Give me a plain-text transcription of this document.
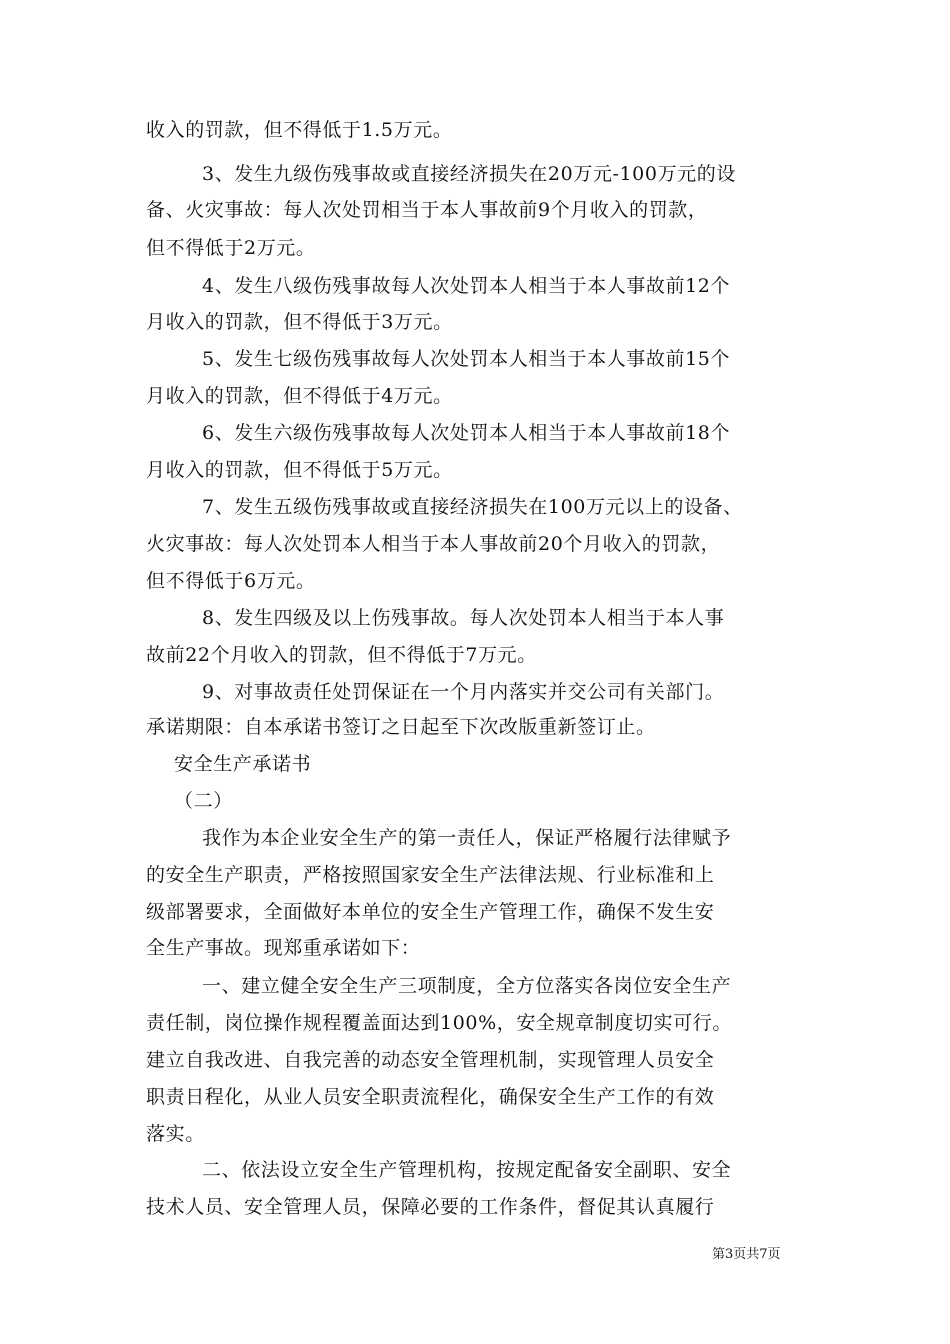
收入的罚款，但不得低于1.5万元。
3、发生九级伤残事故或直接经济损失在20万元-100万元的设
备、火灾事故：每人次处罚相当于本人事故前9个月收入的罚款，
但不得低于2万元。
4、发生八级伤残事故每人次处罚本人相当于本人事故前12个
月收入的罚款，但不得低于3万元。
5、发生七级伤残事故每人次处罚本人相当于本人事故前15个
月收入的罚款，但不得低于4万元。
6、发生六级伤残事故每人次处罚本人相当于本人事故前18个
月收入的罚款，但不得低于5万元。
7、发生五级伤残事故或直接经济损失在100万元以上的设备、
火灾事故：每人次处罚本人相当于本人事故前20个月收入的罚款，
但不得低于6万元。
8、发生四级及以上伤残事故。每人次处罚本人相当于本人事
故前22个月收入的罚款，但不得低于7万元。
9、对事故责任处罚保证在一个月内落实并交公司有关部门。
承诺期限：自本承诺书签订之日起至下次改版重新签订止。
安全生产承诺书
（二）
我作为本企业安全生产的第一责任人，保证严格履行法律赋予
的安全生产职责，严格按照国家安全生产法律法规、行业标准和上
级部署要求，全面做好本单位的安全生产管理工作，确保不发生安
全生产事故。现郑重承诺如下：
一、建立健全安全生产三项制度，全方位落实各岗位安全生产
责任制，岗位操作规程覆盖面达到100%，安全规章制度切实可行。
建立自我改进、自我完善的动态安全管理机制，实现管理人员安全
职责日程化，从业人员安全职责流程化，确保安全生产工作的有效
落实。
二、依法设立安全生产管理机构，按规定配备安全副职、安全
技术人员、安全管理人员，保障必要的工作条件，督促其认真履行
第3页共7页
